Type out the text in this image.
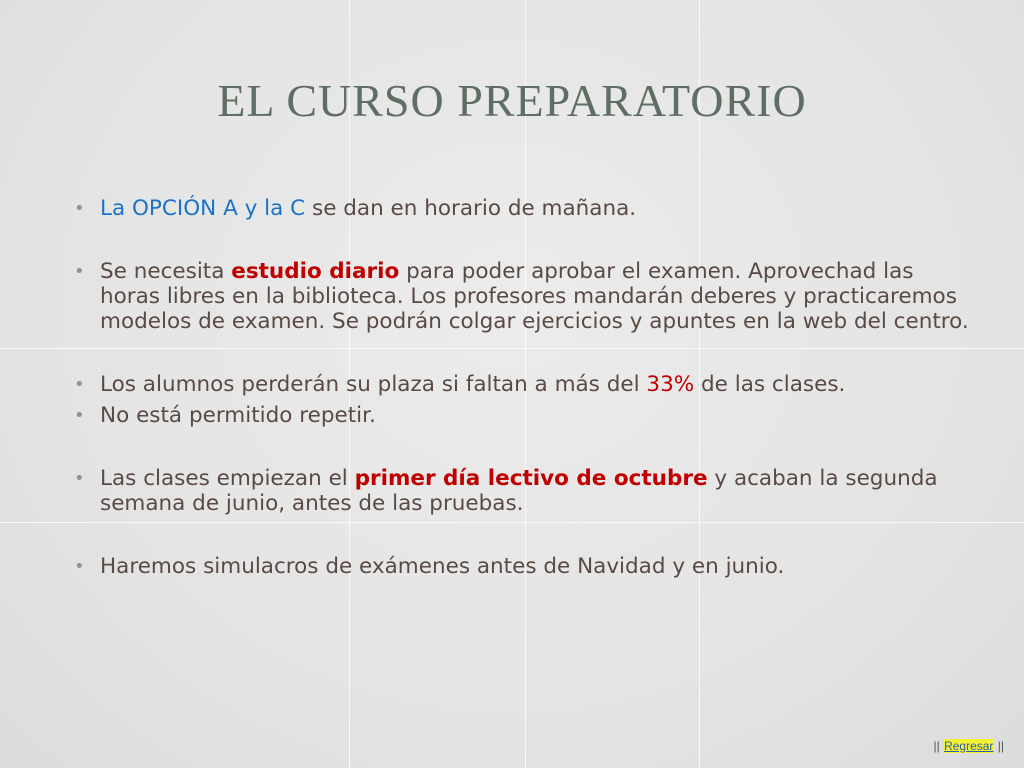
EL CURSO PREPARATORIO
• La OPCIÓN A y la C se dan en horario de mañana.
• Se necesita estudio diario para poder aprobar el examen. Aprovechad las horas libres en la biblioteca. Los profesores mandarán deberes y practicaremos modelos de examen. Se podrán colgar ejercicios y apuntes en la web del centro.
• Los alumnos perderán su plaza si faltan a más del 33% de las clases.
• No está permitido repetir.
• Las clases empiezan el primer día lectivo de octubre y acaban la segunda semana de junio, antes de las pruebas.
• Haremos simulacros de exámenes antes de Navidad y en junio.
|| Regresar ||
